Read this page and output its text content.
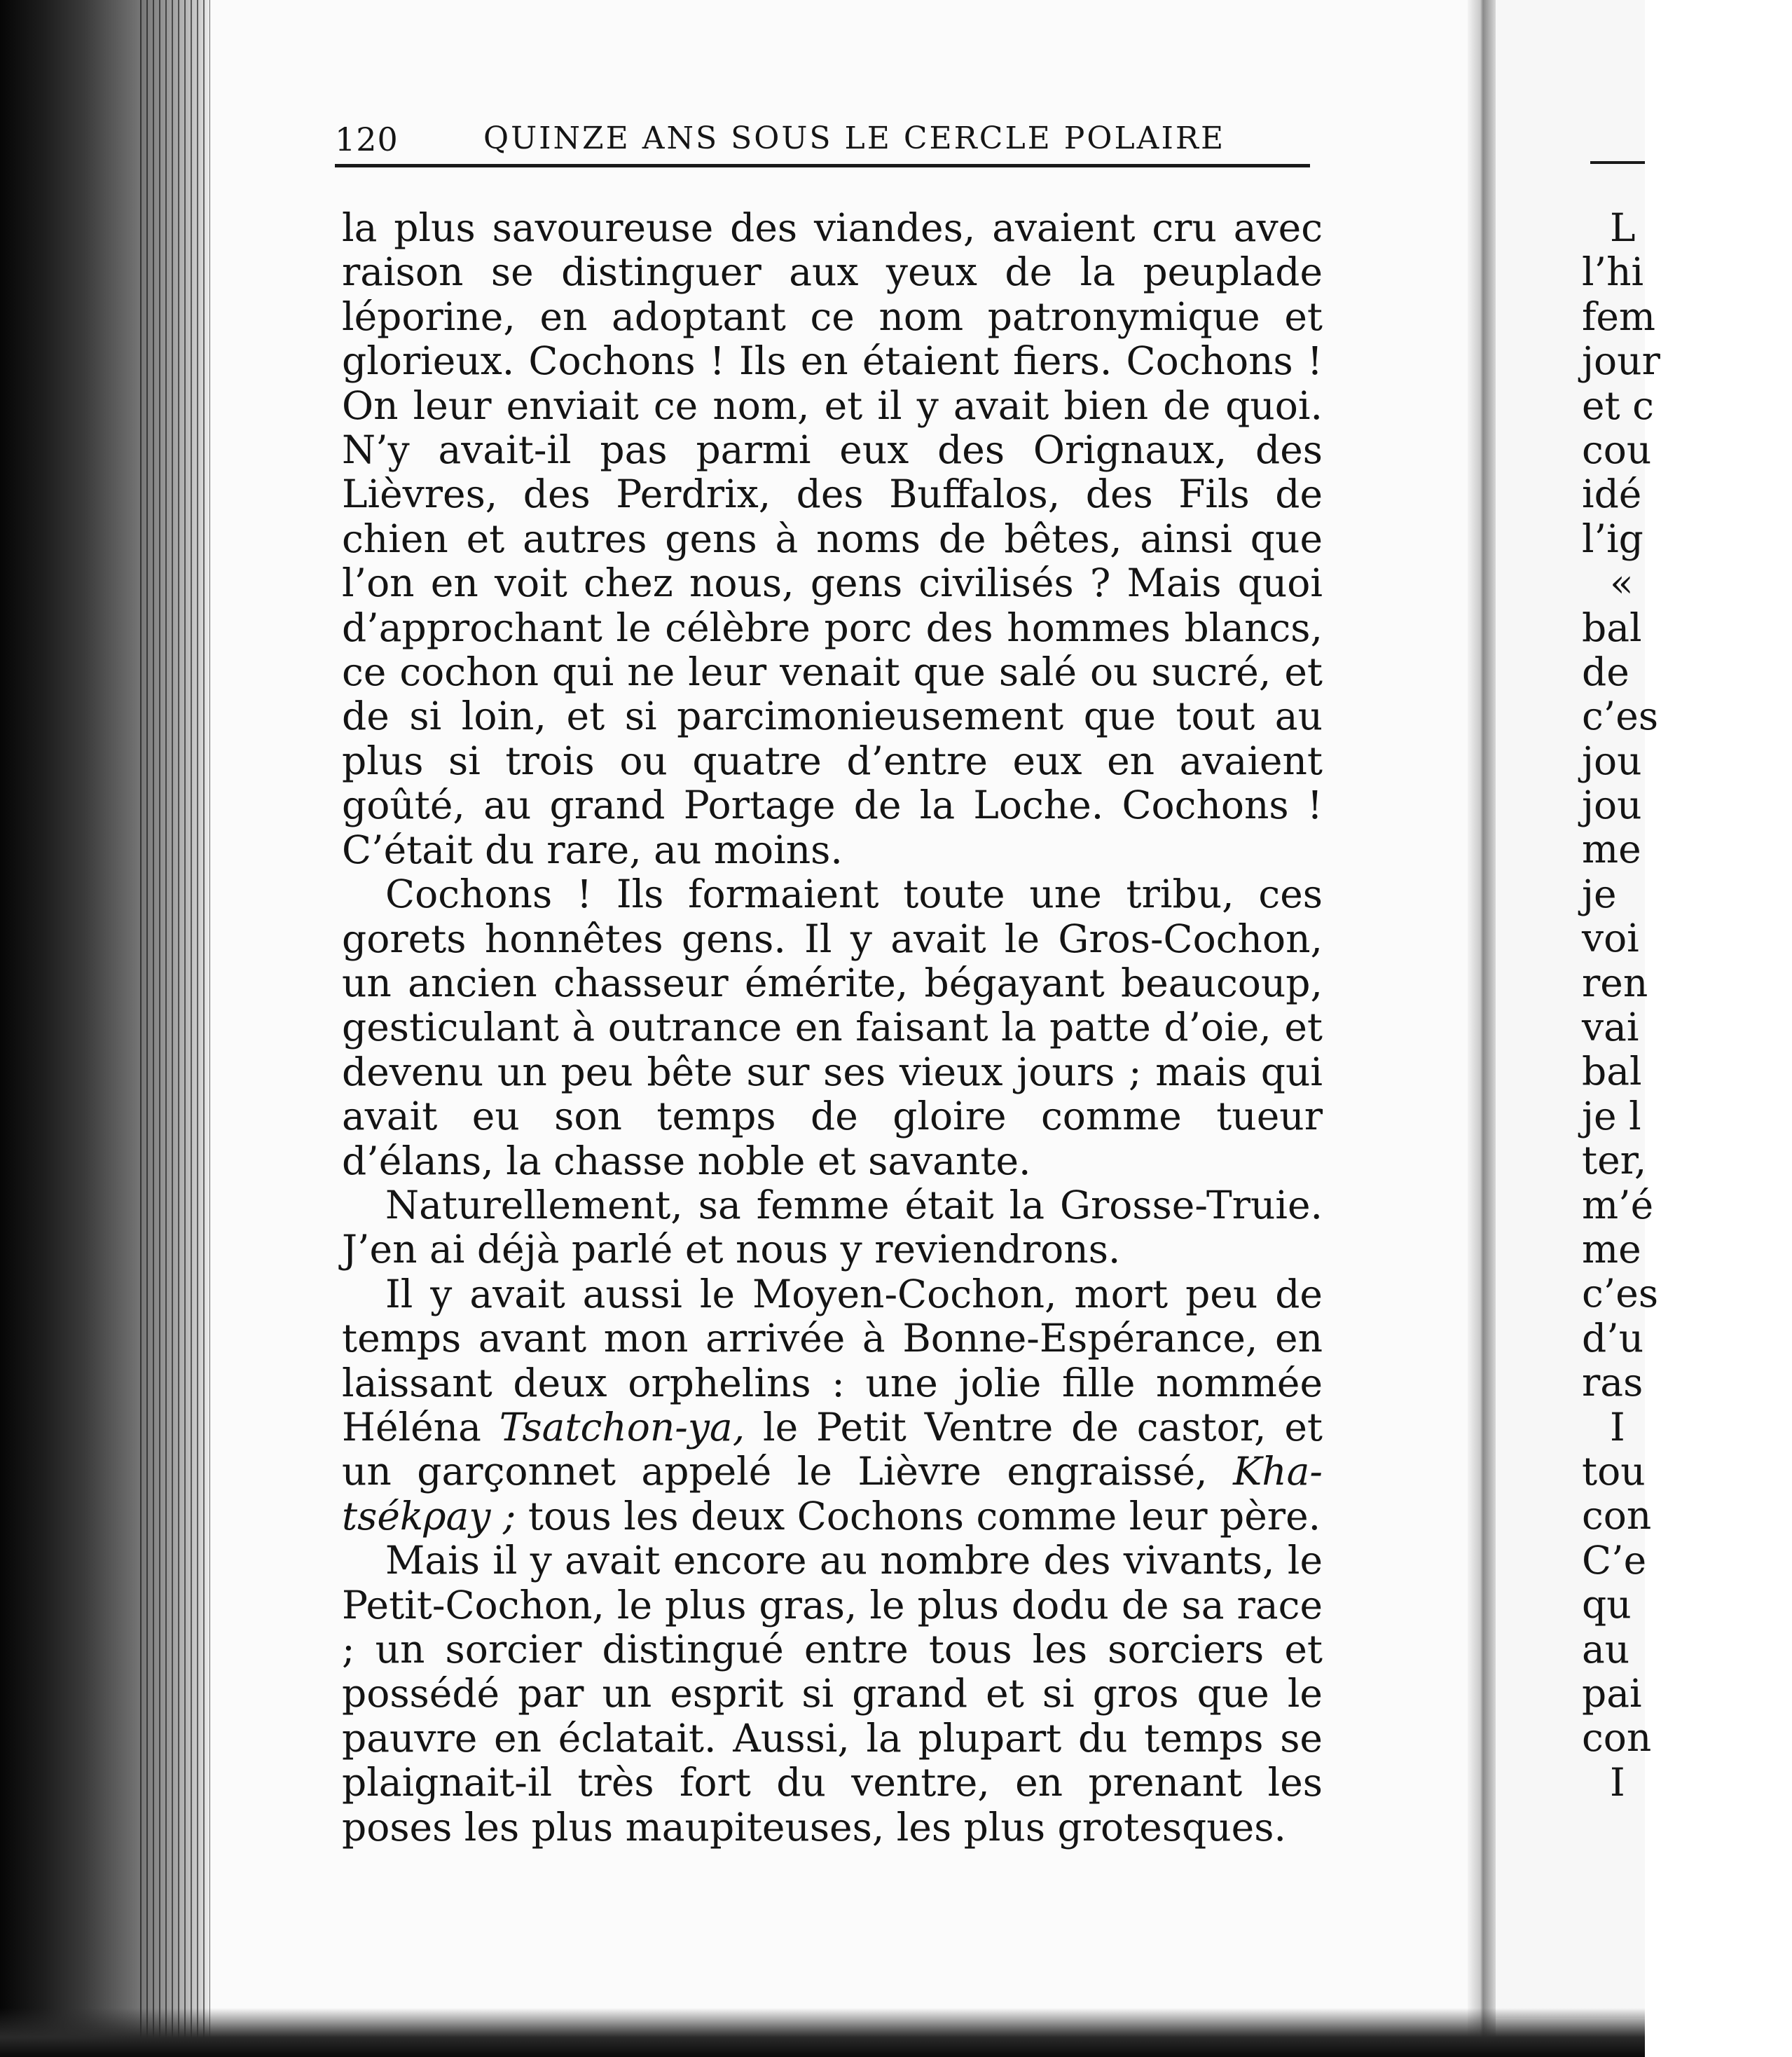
120	QUINZE ANS SOUS LE CERCLE POLAIRE

la plus savoureuse des viandes, avaient cru avec raison se distinguer aux yeux de la peuplade léporine, en adoptant ce nom patronymique et glorieux. Cochons ! Ils en étaient fiers. Cochons ! On leur enviait ce nom, et il y avait bien de quoi. N’y avait-il pas parmi eux des Orignaux, des Lièvres, des Perdrix, des Buffalos, des Fils de chien et autres gens à noms de bêtes, ainsi que l’on en voit chez nous, gens civilisés ? Mais quoi d’approchant le célèbre porc des hommes blancs, ce cochon qui ne leur venait que salé ou sucré, et de si loin, et si parcimonieusement que tout au plus si trois ou quatre d’entre eux en avaient goûté, au grand Portage de la Loche. Cochons ! C’était du rare, au moins.

Cochons ! Ils formaient toute une tribu, ces gorets honnêtes gens. Il y avait le Gros-Cochon, un ancien chasseur émérite, bégayant beaucoup, gesticulant à outrance en faisant la patte d’oie, et devenu un peu bête sur ses vieux jours ; mais qui avait eu son temps de gloire comme tueur d’élans, la chasse noble et savante.

Naturellement, sa femme était la Grosse-Truie. J’en ai déjà parlé et nous y reviendrons.

Il y avait aussi le Moyen-Cochon, mort peu de temps avant mon arrivée à Bonne-Espérance, en laissant deux orphelins : une jolie fille nommée Héléna Tsatchon-ya, le Petit Ventre de castor, et un garçonnet appelé le Lièvre engraissé, Kha-tsékρay ; tous les deux Cochons comme leur père.

Mais il y avait encore au nombre des vivants, le Petit-Cochon, le plus gras, le plus dodu de sa race ; un sorcier distingué entre tous les sorciers et possédé par un esprit si grand et si gros que le pauvre en éclatait. Aussi, la plupart du temps se plaignait-il très fort du ventre, en prenant les poses les plus maupiteuses, les plus grotesques.

L
l’hi
fem
jour
et c
cou
idé
l’ig
«
bal
de
c’es
jou
jou
me
je
voi
ren
vai
bal
je l
ter,
m’é
me
c’es
d’u
ras
I
tou
con
C’e
qu
au
pai
con
I
